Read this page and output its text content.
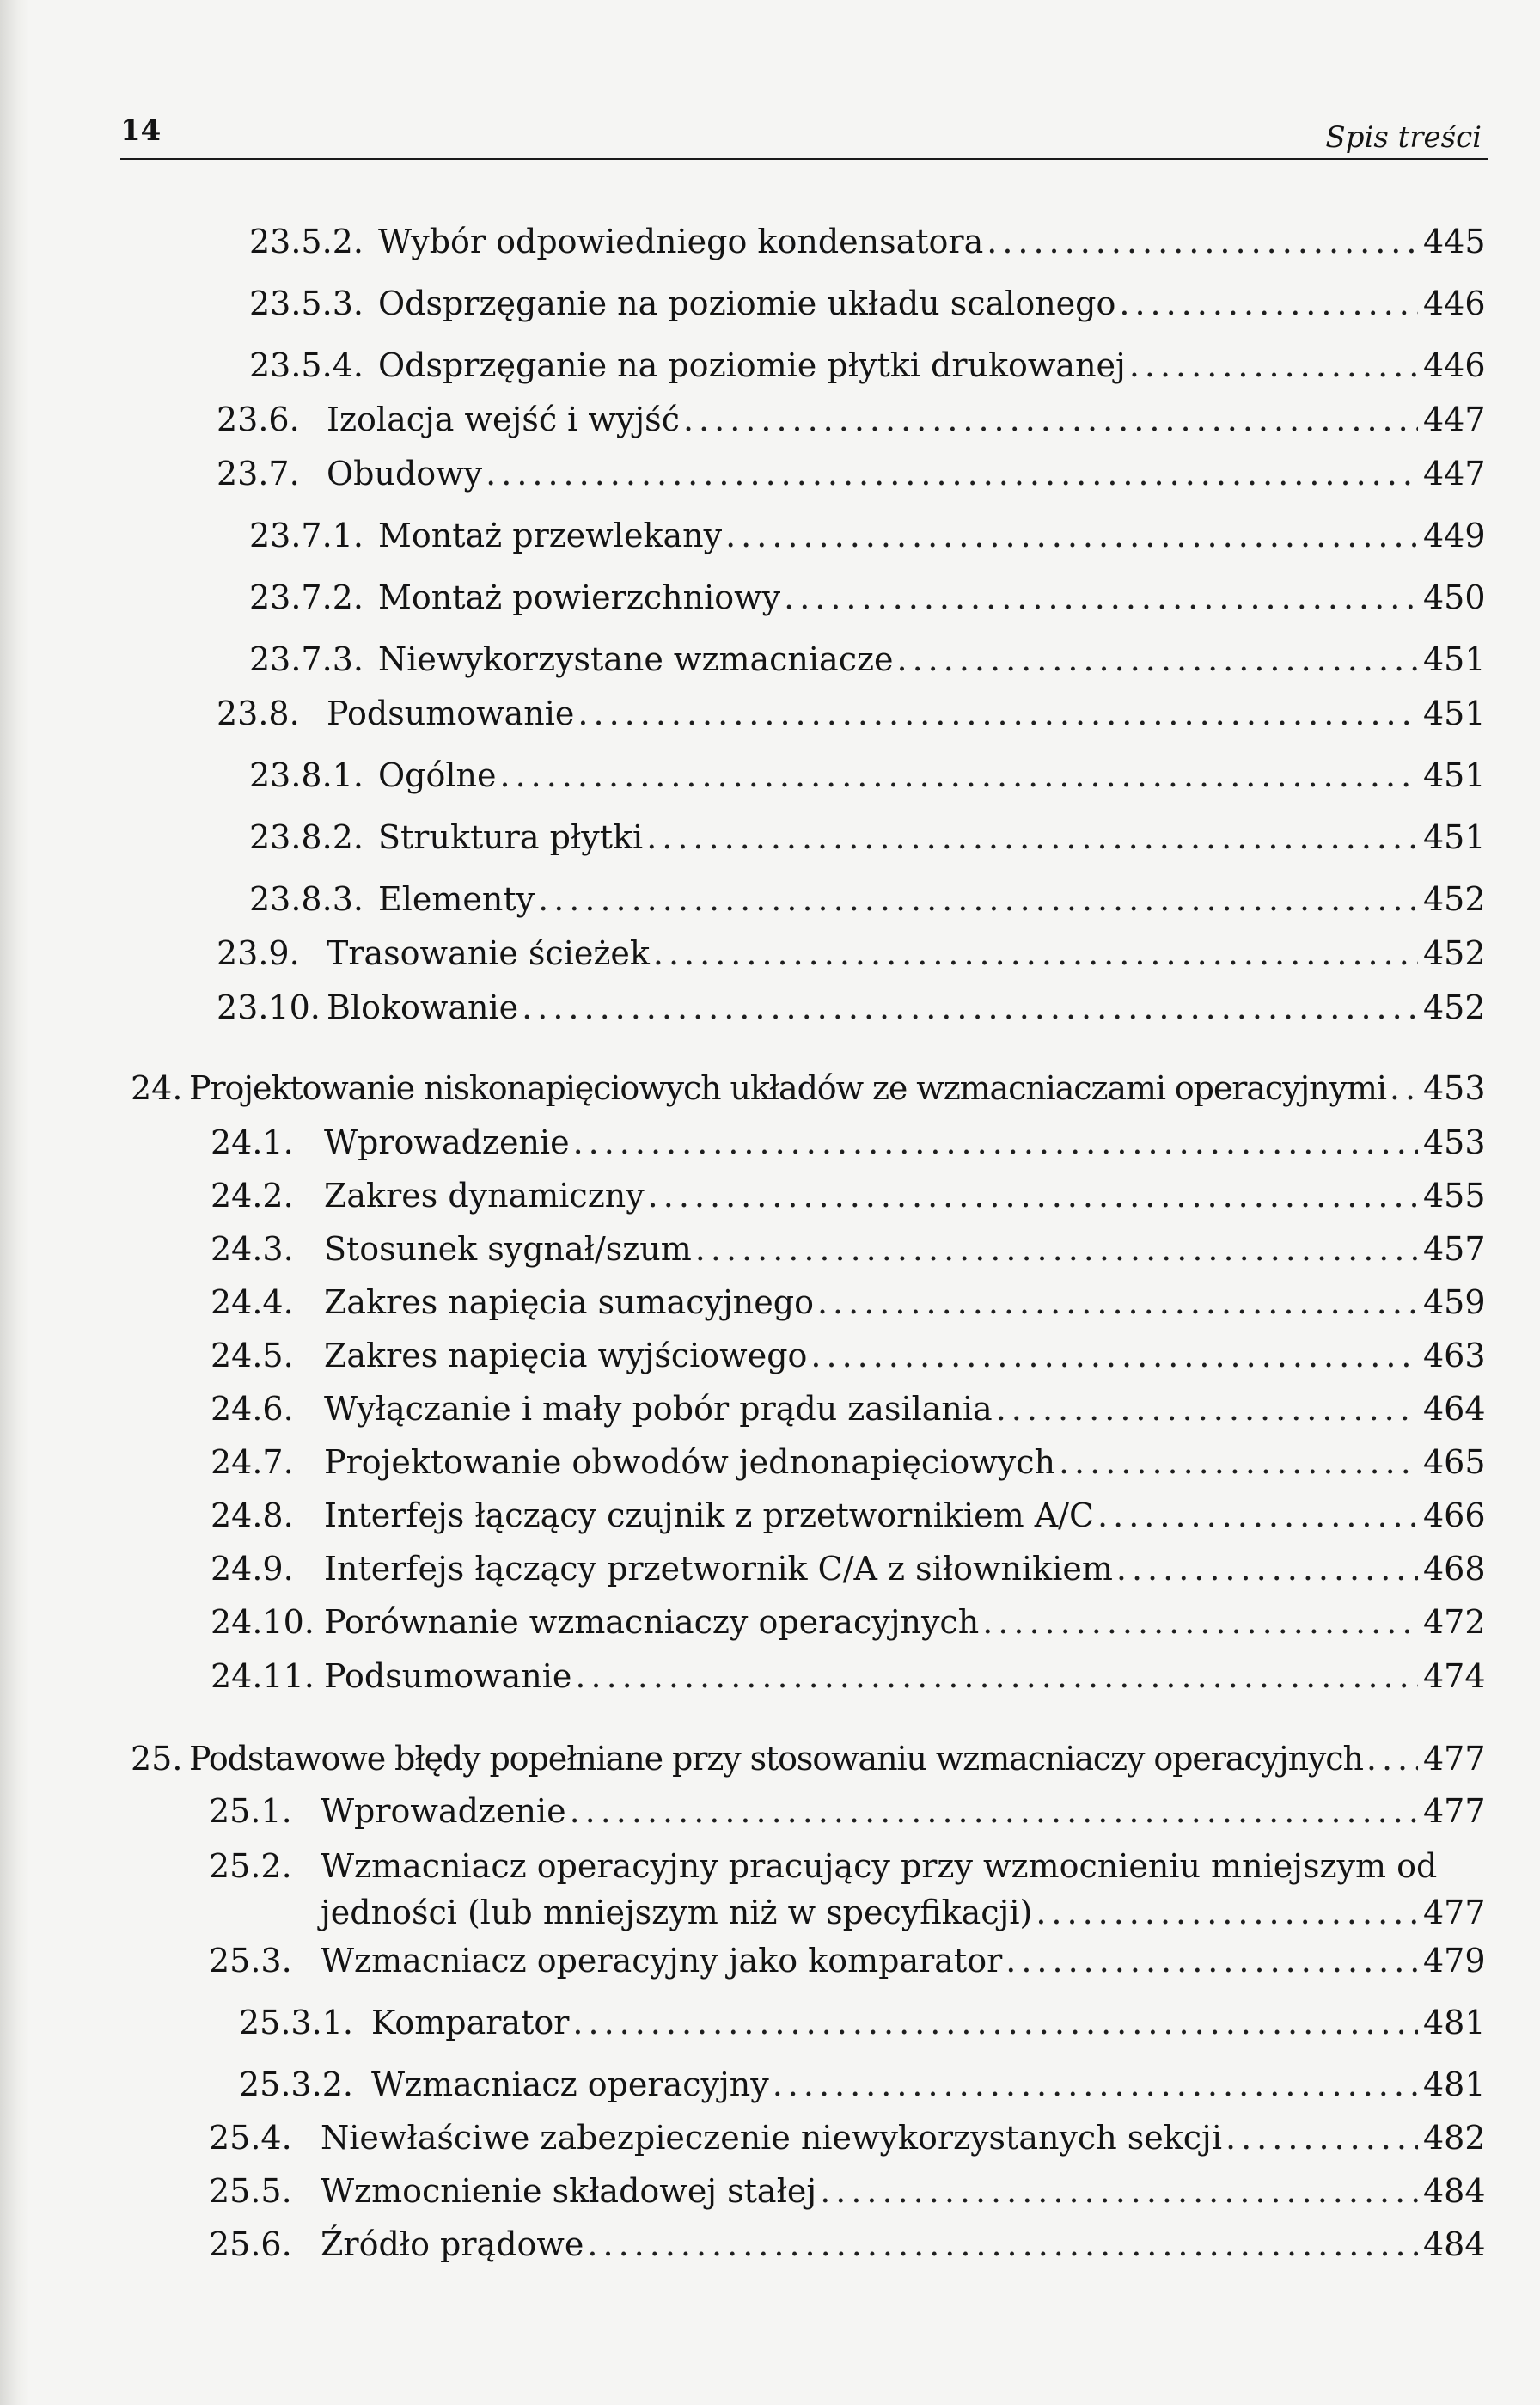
14	Spis treści
23.5.2. Wybór odpowiedniego kondensatora .....	445
23.5.3. Odsprzęganie na poziomie układu scalonego .....	446
23.5.4. Odsprzęganie na poziomie płytki drukowanej .....	446
23.6. Izolacja wejść i wyjść .....	447
23.7. Obudowy .....	447
23.7.1. Montaż przewlekany .....	449
23.7.2. Montaż powierzchniowy .....	450
23.7.3. Niewykorzystane wzmacniacze .....	451
23.8. Podsumowanie .....	451
23.8.1. Ogólne .....	451
23.8.2. Struktura płytki .....	451
23.8.3. Elementy .....	452
23.9. Trasowanie ścieżek .....	452
23.10. Blokowanie .....	452
24. Projektowanie niskonapięciowych układów ze wzmacniaczami operacyjnymi ..... 453
24.1. Wprowadzenie .....	453
24.2. Zakres dynamiczny .....	455
24.3. Stosunek sygnał/szum .....	457
24.4. Zakres napięcia sumacyjnego .....	459
24.5. Zakres napięcia wyjściowego .....	463
24.6. Wyłączanie i mały pobór prądu zasilania .....	464
24.7. Projektowanie obwodów jednonapięciowych .....	465
24.8. Interfejs łączący czujnik z przetwornikiem A/C .....	466
24.9. Interfejs łączący przetwornik C/A z siłownikiem .....	468
24.10. Porównanie wzmacniaczy operacyjnych .....	472
24.11. Podsumowanie .....	474
25. Podstawowe błędy popełniane przy stosowaniu wzmacniaczy operacyjnych ..... 477
25.1. Wprowadzenie .....	477
25.2. Wzmacniacz operacyjny pracujący przy wzmocnieniu mniejszym od
jedności (lub mniejszym niż w specyfikacji) .....	477
25.3. Wzmacniacz operacyjny jako komparator .....	479
25.3.1. Komparator .....	481
25.3.2. Wzmacniacz operacyjny .....	481
25.4. Niewłaściwe zabezpieczenie niewykorzystanych sekcji .....	482
25.5. Wzmocnienie składowej stałej .....	484
25.6. Źródło prądowe .....	484
